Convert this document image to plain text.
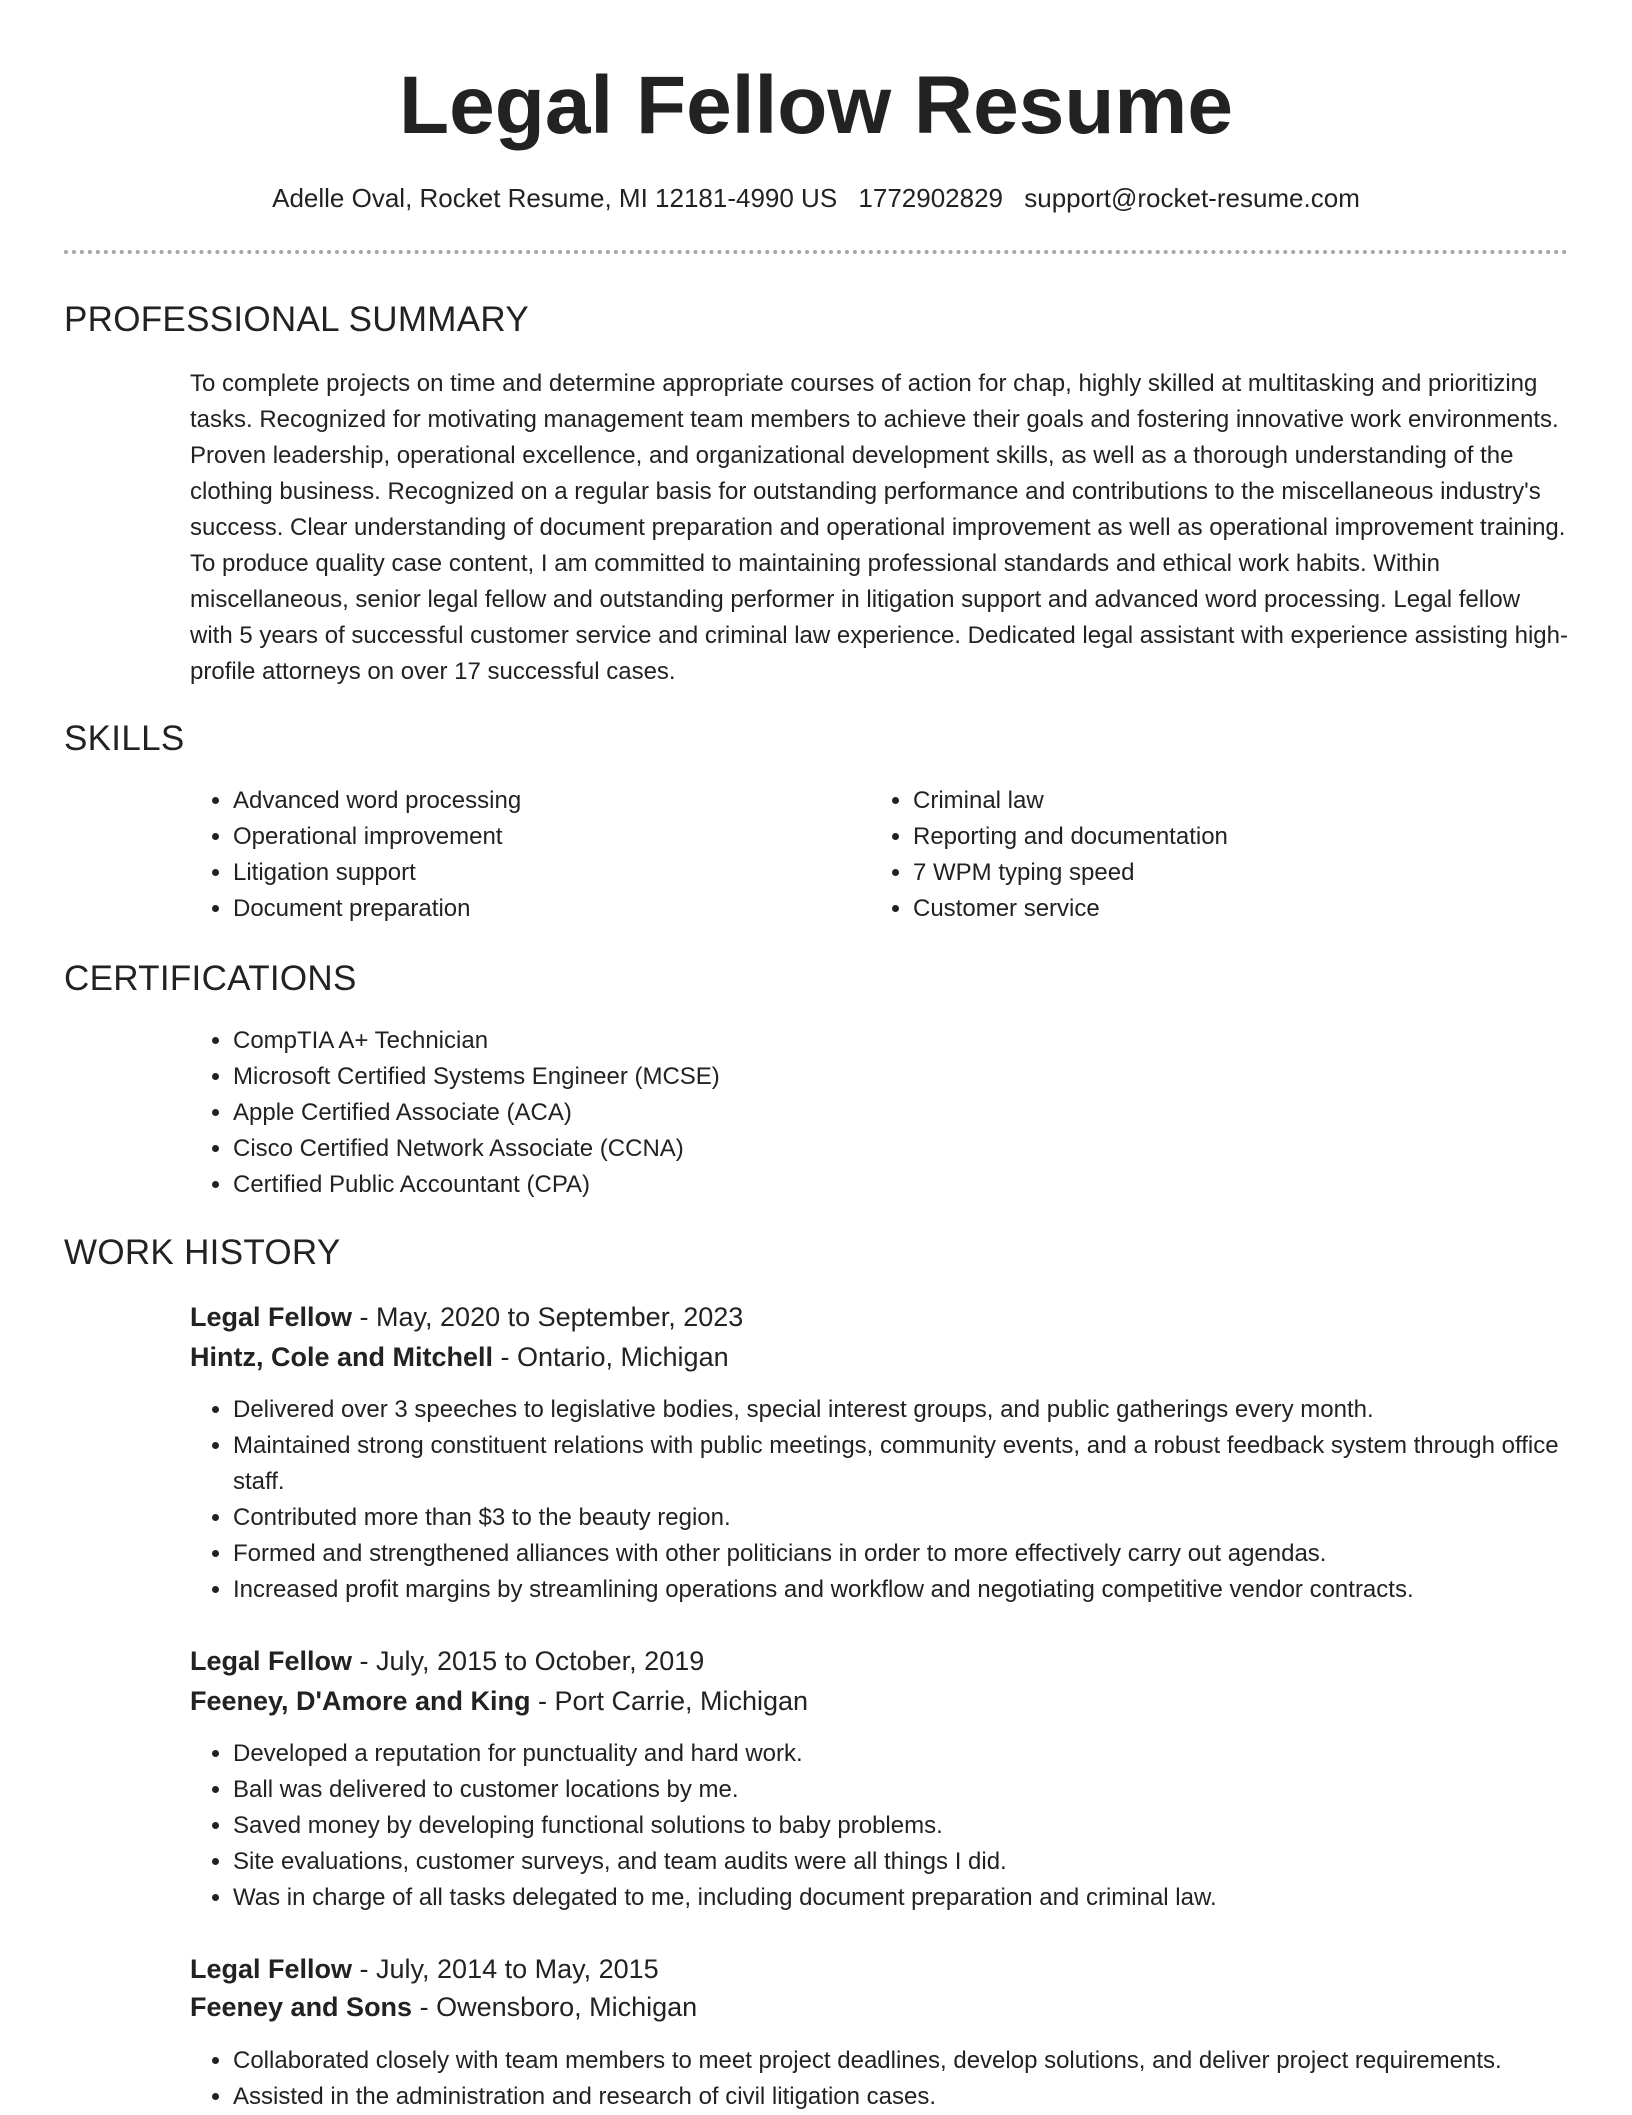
Legal Fellow Resume
Adelle Oval, Rocket Resume, MI 12181-4990 US 1772902829 support@rocket-resume.com
PROFESSIONAL SUMMARY

To complete projects on time and determine appropriate courses of action for chap, highly skilled at multitasking and prioritizing tasks. Recognized for motivating management team members to achieve their goals and fostering innovative work environments. Proven leadership, operational excellence, and organizational development skills, as well as a thorough understanding of the clothing business. Recognized on a regular basis for outstanding performance and contributions to the miscellaneous industry's success. Clear understanding of document preparation and operational improvement as well as operational improvement training. To produce quality case content, I am committed to maintaining professional standards and ethical work habits. Within miscellaneous, senior legal fellow and outstanding performer in litigation support and advanced word processing. Legal fellow with 5 years of successful customer service and criminal law experience. Dedicated legal assistant with experience assisting high-profile attorneys on over 17 successful cases.

SKILLS
• Advanced word processing
• Operational improvement
• Litigation support
• Document preparation
• Criminal law
• Reporting and documentation
• 7 WPM typing speed
• Customer service
CERTIFICATIONS
• CompTIA A+ Technician
• Microsoft Certified Systems Engineer (MCSE)
• Apple Certified Associate (ACA)
• Cisco Certified Network Associate (CCNA)
• Certified Public Accountant (CPA)
WORK HISTORY
Legal Fellow - May, 2020 to September, 2023
Hintz, Cole and Mitchell - Ontario, Michigan
• Delivered over 3 speeches to legislative bodies, special interest groups, and public gatherings every month.
• Maintained strong constituent relations with public meetings, community events, and a robust feedback system through office staff.
• Contributed more than $3 to the beauty region.
• Formed and strengthened alliances with other politicians in order to more effectively carry out agendas.
• Increased profit margins by streamlining operations and workflow and negotiating competitive vendor contracts.
Legal Fellow - July, 2015 to October, 2019
Feeney, D'Amore and King - Port Carrie, Michigan
• Developed a reputation for punctuality and hard work.
• Ball was delivered to customer locations by me.
• Saved money by developing functional solutions to baby problems.
• Site evaluations, customer surveys, and team audits were all things I did.
• Was in charge of all tasks delegated to me, including document preparation and criminal law.
Legal Fellow - July, 2014 to May, 2015
Feeney and Sons - Owensboro, Michigan
• Collaborated closely with team members to meet project deadlines, develop solutions, and deliver project requirements.
• Assisted in the administration and research of civil litigation cases.
